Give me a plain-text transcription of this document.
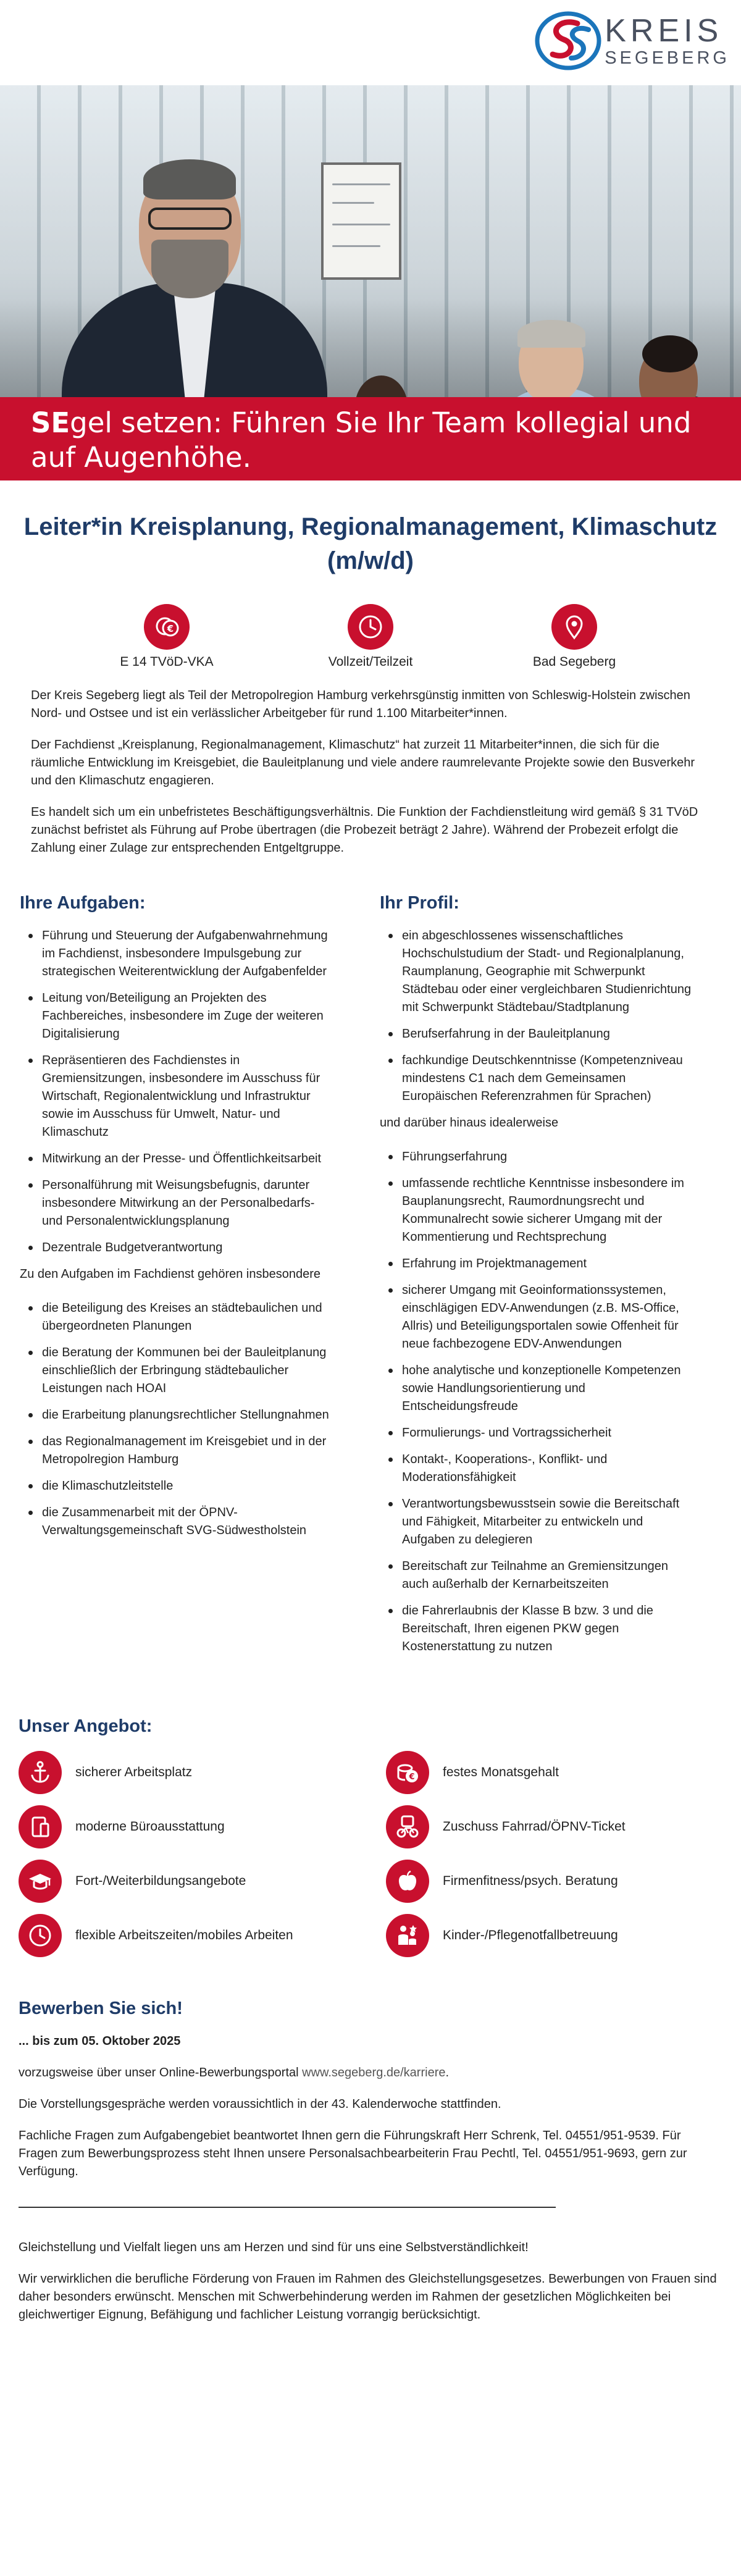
KREIS
SEGEBERG
SEgel setzen: Führen Sie Ihr Team kollegial und auf Augenhöhe.
Leiter*in Kreisplanung, Regionalmanagement, Klimaschutz (m/w/d)
€
E 14 TVöD-VKA	Vollzeit/Teilzeit	Bad Segeberg

Der Kreis Segeberg liegt als Teil der Metropolregion Hamburg verkehrsgünstig inmitten von Schleswig-Holstein zwischen Nord- und Ostsee und ist ein verlässlicher Arbeitgeber für rund 1.100 Mitarbeiter*innen.

Der Fachdienst „Kreisplanung, Regionalmanagement, Klimaschutz“ hat zurzeit 11 Mitarbeiter*innen, die sich für die räumliche Entwicklung im Kreisgebiet, die Bauleitplanung und viele andere raumrelevante Projekte sowie den Busverkehr und den Klimaschutz engagieren.

Es handelt sich um ein unbefristetes Beschäftigungsverhältnis. Die Funktion der Fachdienstleitung wird gemäß § 31 TVöD zunächst befristet als Führung auf Probe übertragen (die Probezeit beträgt 2 Jahre). Während der Probezeit erfolgt die Zahlung einer Zulage zur entsprechenden Entgeltgruppe.

Ihre Aufgaben:
Führung und Steuerung der Aufgabenwahrnehmung im Fachdienst, insbesondere Impulsgebung zur strategischen Weiterentwicklung der Aufgabenfelder
Leitung von/Beteiligung an Projekten des Fachbereiches, insbesondere im Zuge der weiteren Digitalisierung
Repräsentieren des Fachdienstes in Gremiensitzungen, insbesondere im Ausschuss für Wirtschaft, Regionalentwicklung und Infrastruktur sowie im Ausschuss für Umwelt, Natur- und Klimaschutz
Mitwirkung an der Presse- und Öffentlichkeitsarbeit
Personalführung mit Weisungsbefugnis, darunter insbesondere Mitwirkung an der Personalbedarfs- und Personalentwicklungsplanung
Dezentrale Budgetverantwortung
Zu den Aufgaben im Fachdienst gehören insbesondere
die Beteiligung des Kreises an städtebaulichen und übergeordneten Planungen
die Beratung der Kommunen bei der Bauleitplanung einschließlich der Erbringung städtebaulicher Leistungen nach HOAI
die Erarbeitung planungsrechtlicher Stellungnahmen
das Regionalmanagement im Kreisgebiet und in der Metropolregion Hamburg
die Klimaschutzleitstelle
die Zusammenarbeit mit der ÖPNV-Verwaltungsgemeinschaft SVG-Südwestholstein
Ihr Profil:
ein abgeschlossenes wissenschaftliches Hochschulstudium der Stadt- und Regionalplanung, Raumplanung, Geographie mit Schwerpunkt Städtebau oder einer vergleichbaren Studienrichtung mit Schwerpunkt Städtebau/Stadtplanung
Berufserfahrung in der Bauleitplanung
fachkundige Deutschkenntnisse (Kompetenzniveau mindestens C1 nach dem Gemeinsamen Europäischen Referenzrahmen für Sprachen)
und darüber hinaus idealerweise
Führungserfahrung
umfassende rechtliche Kenntnisse insbesondere im Bauplanungsrecht, Raumordnungsrecht und Kommunalrecht sowie sicherer Umgang mit der Kommentierung und Rechtsprechung
Erfahrung im Projektmanagement
sicherer Umgang mit Geoinformationssystemen, einschlägigen EDV-Anwendungen (z.B. MS-Office, Allris) und Beteiligungsportalen sowie Offenheit für neue fachbezogene EDV-Anwendungen
hohe analytische und konzeptionelle Kompetenzen sowie Handlungsorientierung und Entscheidungsfreude
Formulierungs- und Vortragssicherheit
Kontakt-, Kooperations-, Konflikt- und Moderationsfähigkeit
Verantwortungsbewusstsein sowie die Bereitschaft und Fähigkeit, Mitarbeiter zu entwickeln und Aufgaben zu delegieren
Bereitschaft zur Teilnahme an Gremiensitzungen auch außerhalb der Kernarbeitszeiten
die Fahrerlaubnis der Klasse B bzw. 3 und die Bereitschaft, Ihren eigenen PKW gegen Kostenerstattung zu nutzen
Unser Angebot:
sicherer Arbeitsplatz	€ festes Monatsgehalt
moderne Büroausstattung	Zuschuss Fahrrad/ÖPNV-Ticket
Fort-/Weiterbildungsangebote	Firmenfitness/psych. Beratung
flexible Arbeitszeiten/mobiles Arbeiten	Kinder-/Pflegenotfallbetreuung
Bewerben Sie sich!

... bis zum 05. Oktober 2025

vorzugsweise über unser Online-Bewerbungsportal www.segeberg.de/karriere.

Die Vorstellungsgespräche werden voraussichtlich in der 43. Kalenderwoche stattfinden.

Fachliche Fragen zum Aufgabengebiet beantwortet Ihnen gern die Führungskraft Herr Schrenk, Tel. 04551/951-9539. Für Fragen zum Bewerbungsprozess steht Ihnen unsere Personalsachbearbeiterin Frau Pechtl, Tel. 04551/951-9693, gern zur Verfügung.

Gleichstellung und Vielfalt liegen uns am Herzen und sind für uns eine Selbstverständlichkeit!

Wir verwirklichen die berufliche Förderung von Frauen im Rahmen des Gleichstellungsgesetzes. Bewerbungen von Frauen sind daher besonders erwünscht. Menschen mit Schwerbehinderung werden im Rahmen der gesetzlichen Möglichkeiten bei gleichwertiger Eignung, Befähigung und fachlicher Leistung vorrangig berücksichtigt.
